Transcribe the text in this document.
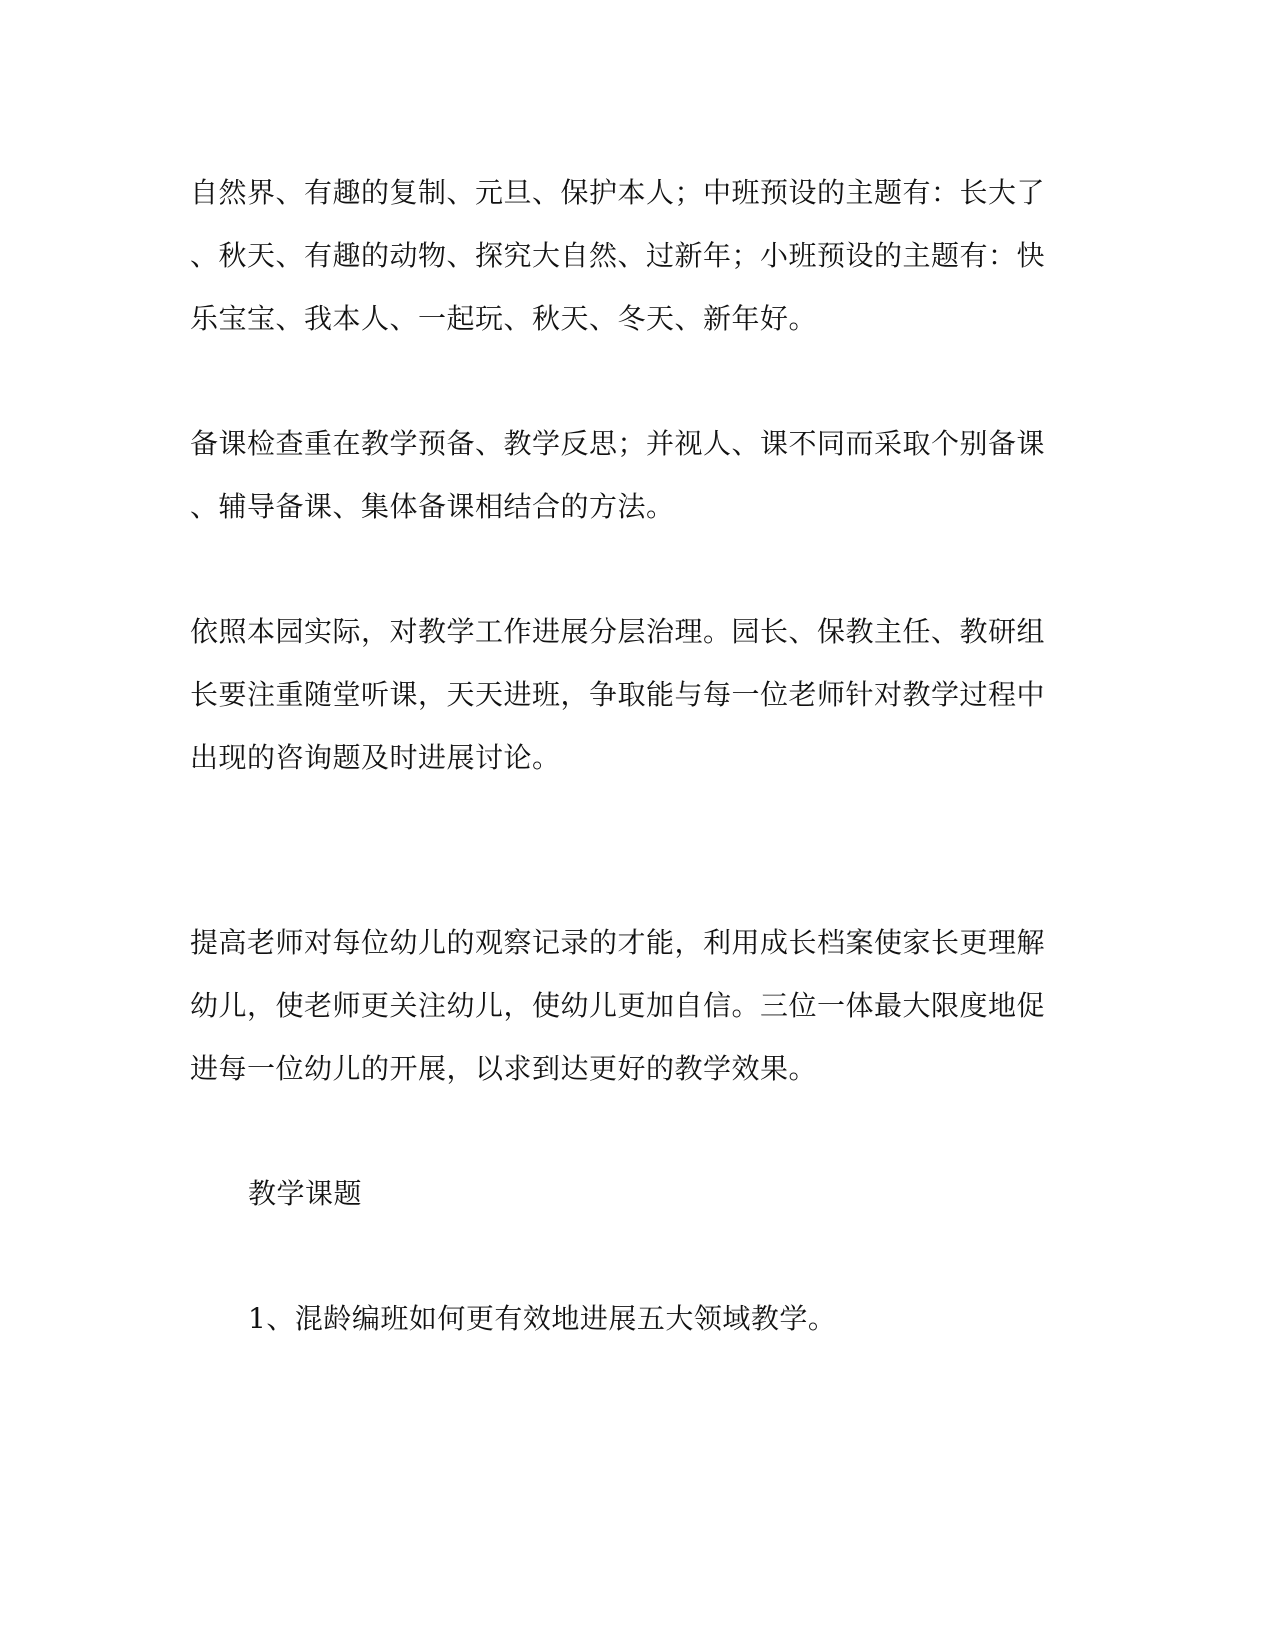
自然界、有趣的复制、元旦、保护本人；中班预设的主题有：长大了
、秋天、有趣的动物、探究大自然、过新年；小班预设的主题有：快
乐宝宝、我本人、一起玩、秋天、冬天、新年好。
备课检查重在教学预备、教学反思；并视人、课不同而采取个别备课
、辅导备课、集体备课相结合的方法。
依照本园实际，对教学工作进展分层治理。园长、保教主任、教研组
长要注重随堂听课，天天进班，争取能与每一位老师针对教学过程中
出现的咨询题及时进展讨论。
提高老师对每位幼儿的观察记录的才能，利用成长档案使家长更理解
幼儿，使老师更关注幼儿，使幼儿更加自信。三位一体最大限度地促
进每一位幼儿的开展，以求到达更好的教学效果。
教学课题
1、混龄编班如何更有效地进展五大领域教学。
